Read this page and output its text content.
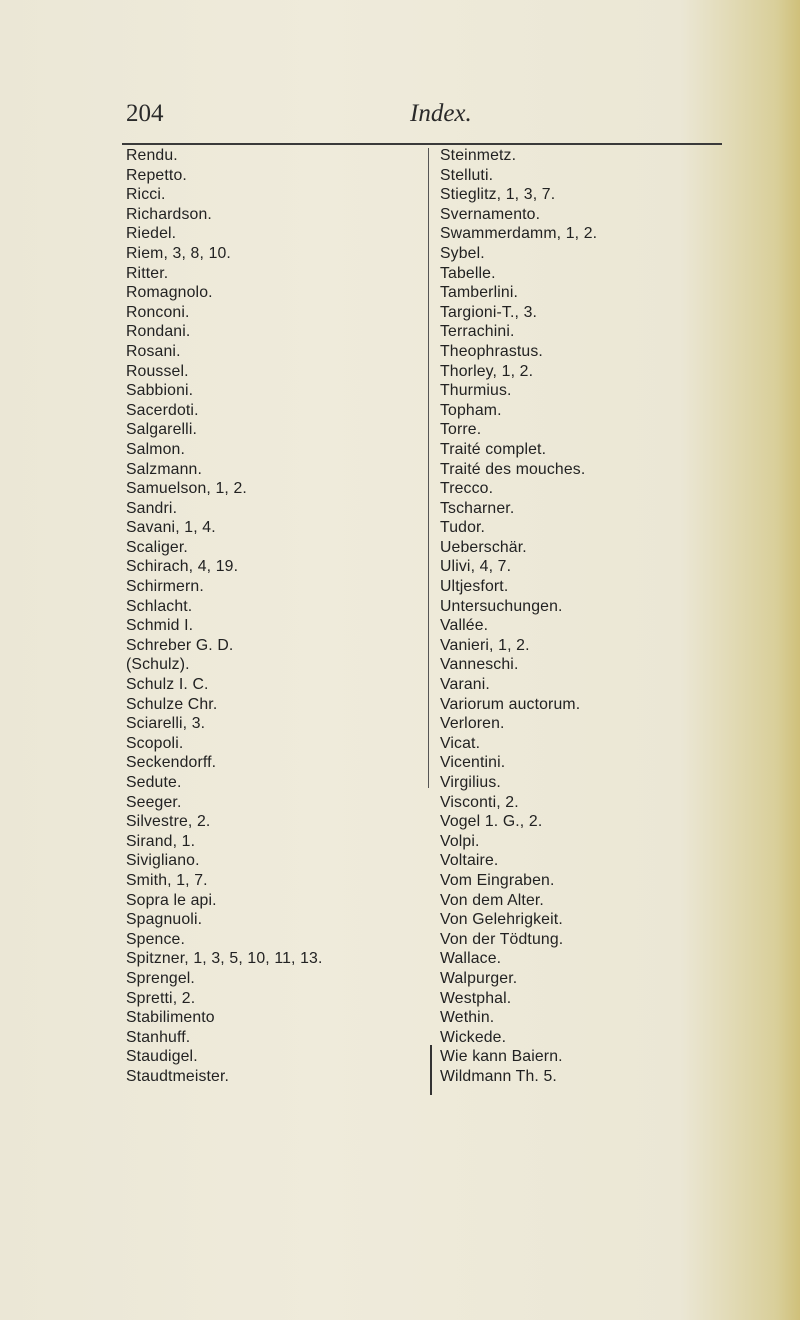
204	Index.
Rendu.
Repetto.
Ricci.
Richardson.
Riedel.
Riem, 3, 8, 10.
Ritter.
Romagnolo.
Ronconi.
Rondani.
Rosani.
Roussel.
Sabbioni.
Sacerdoti.
Salgarelli.
Salmon.
Salzmann.
Samuelson, 1, 2.
Sandri.
Savani, 1, 4.
Scaliger.
Schirach, 4, 19.
Schirmern.
Schlacht.
Schmid I.
Schreber G. D.
(Schulz).
Schulz I. C.
Schulze Chr.
Sciarelli, 3.
Scopoli.
Seckendorff.
Sedute.
Seeger.
Silvestre, 2.
Sirand, 1.
Sivigliano.
Smith, 1, 7.
Sopra le api.
Spagnuoli.
Spence.
Spitzner, 1, 3, 5, 10, 11, 13.
Sprengel.
Spretti, 2.
Stabilimento
Stanhuff.
Staudigel.
Staudtmeister.
Steinmetz.
Stelluti.
Stieglitz, 1, 3, 7.
Svernamento.
Swammerdamm, 1, 2.
Sybel.
Tabelle.
Tamberlini.
Targioni-T., 3.
Terrachini.
Theophrastus.
Thorley, 1, 2.
Thurmius.
Topham.
Torre.
Traité complet.
Traité des mouches.
Trecco.
Tscharner.
Tudor.
Ueberschär.
Ulivi, 4, 7.
Ultjesfort.
Untersuchungen.
Vallée.
Vanieri, 1, 2.
Vanneschi.
Varani.
Variorum auctorum.
Verloren.
Vicat.
Vicentini.
Virgilius.
Visconti, 2.
Vogel 1. G., 2.
Volpi.
Voltaire.
Vom Eingraben.
Von dem Alter.
Von Gelehrigkeit.
Von der Tödtung.
Wallace.
Walpurger.
Westphal.
Wethin.
Wickede.
Wie kann Baiern.
Wildmann Th. 5.
